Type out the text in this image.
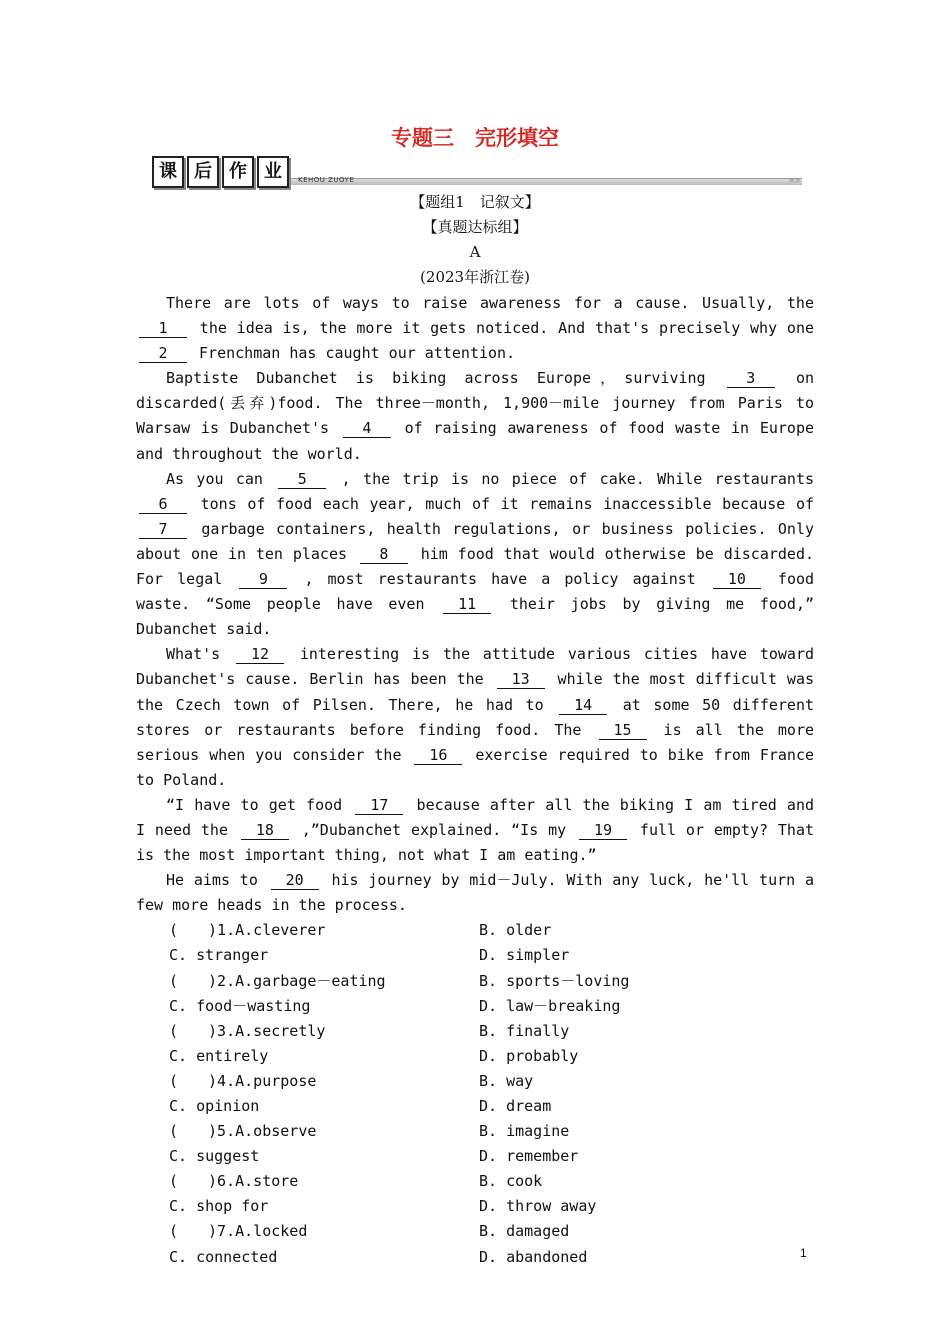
专题三　完形填空
课 后 作 业	KEHOU ZUOYE	=>
【题组1　记叙文】
【真题达标组】
A
(2023年浙江卷)

There are lots of ways to raise awareness for a cause. Usually, the 1 the idea is, the more it gets noticed. And that's precisely why one 2 Frenchman has caught our attention.

Baptiste Dubanchet is biking across Europe，surviving	3	on discarded(丢弃)food. The three－month, 1,900－mile journey from Paris to Warsaw is Dubanchet's 4 of raising awareness of food waste in Europe and throughout the world.

As you can 5 , the trip is no piece of cake. While restaurants 6 tons of food each year, much of it remains inaccessible because of 7 garbage containers, health regulations, or business policies. Only about one in ten places 8 him food that would otherwise be discarded. For legal 9 , most restaurants have a policy against 10 food waste. “Some people have even 11 their jobs by giving me food,” Dubanchet said.

What's 12 interesting is the attitude various cities have toward Dubanchet's cause. Berlin has been the 13 while the most difficult was the Czech town of Pilsen. There, he had to 14 at some 50 different stores or restaurants before finding food. The 15 is all the more serious when you consider the 16 exercise required to bike from France to Poland.

“I have to get food 17 because after all the biking I am tired and I need the 18 ,”Dubanchet explained. “Is my 19 full or empty? That is the most important thing, not what I am eating.”

He aims to 20 his journey by mid－July. With any luck, he'll turn a few more heads in the process.

(　　)1.A.cleverer	B. older
C. stranger	D. simpler
(　　)2.A.garbage－eating	B. sports－loving
C. food－wasting	D. law－breaking
(　　)3.A.secretly	B. finally
C. entirely	D. probably
(　　)4.A.purpose	B. way
C. opinion	D. dream
(　　)5.A.observe	B. imagine
C. suggest	D. remember
(　　)6.A.store	B. cook
C. shop for	D. throw away
(　　)7.A.locked	B. damaged
C. connected	D. abandoned	1
